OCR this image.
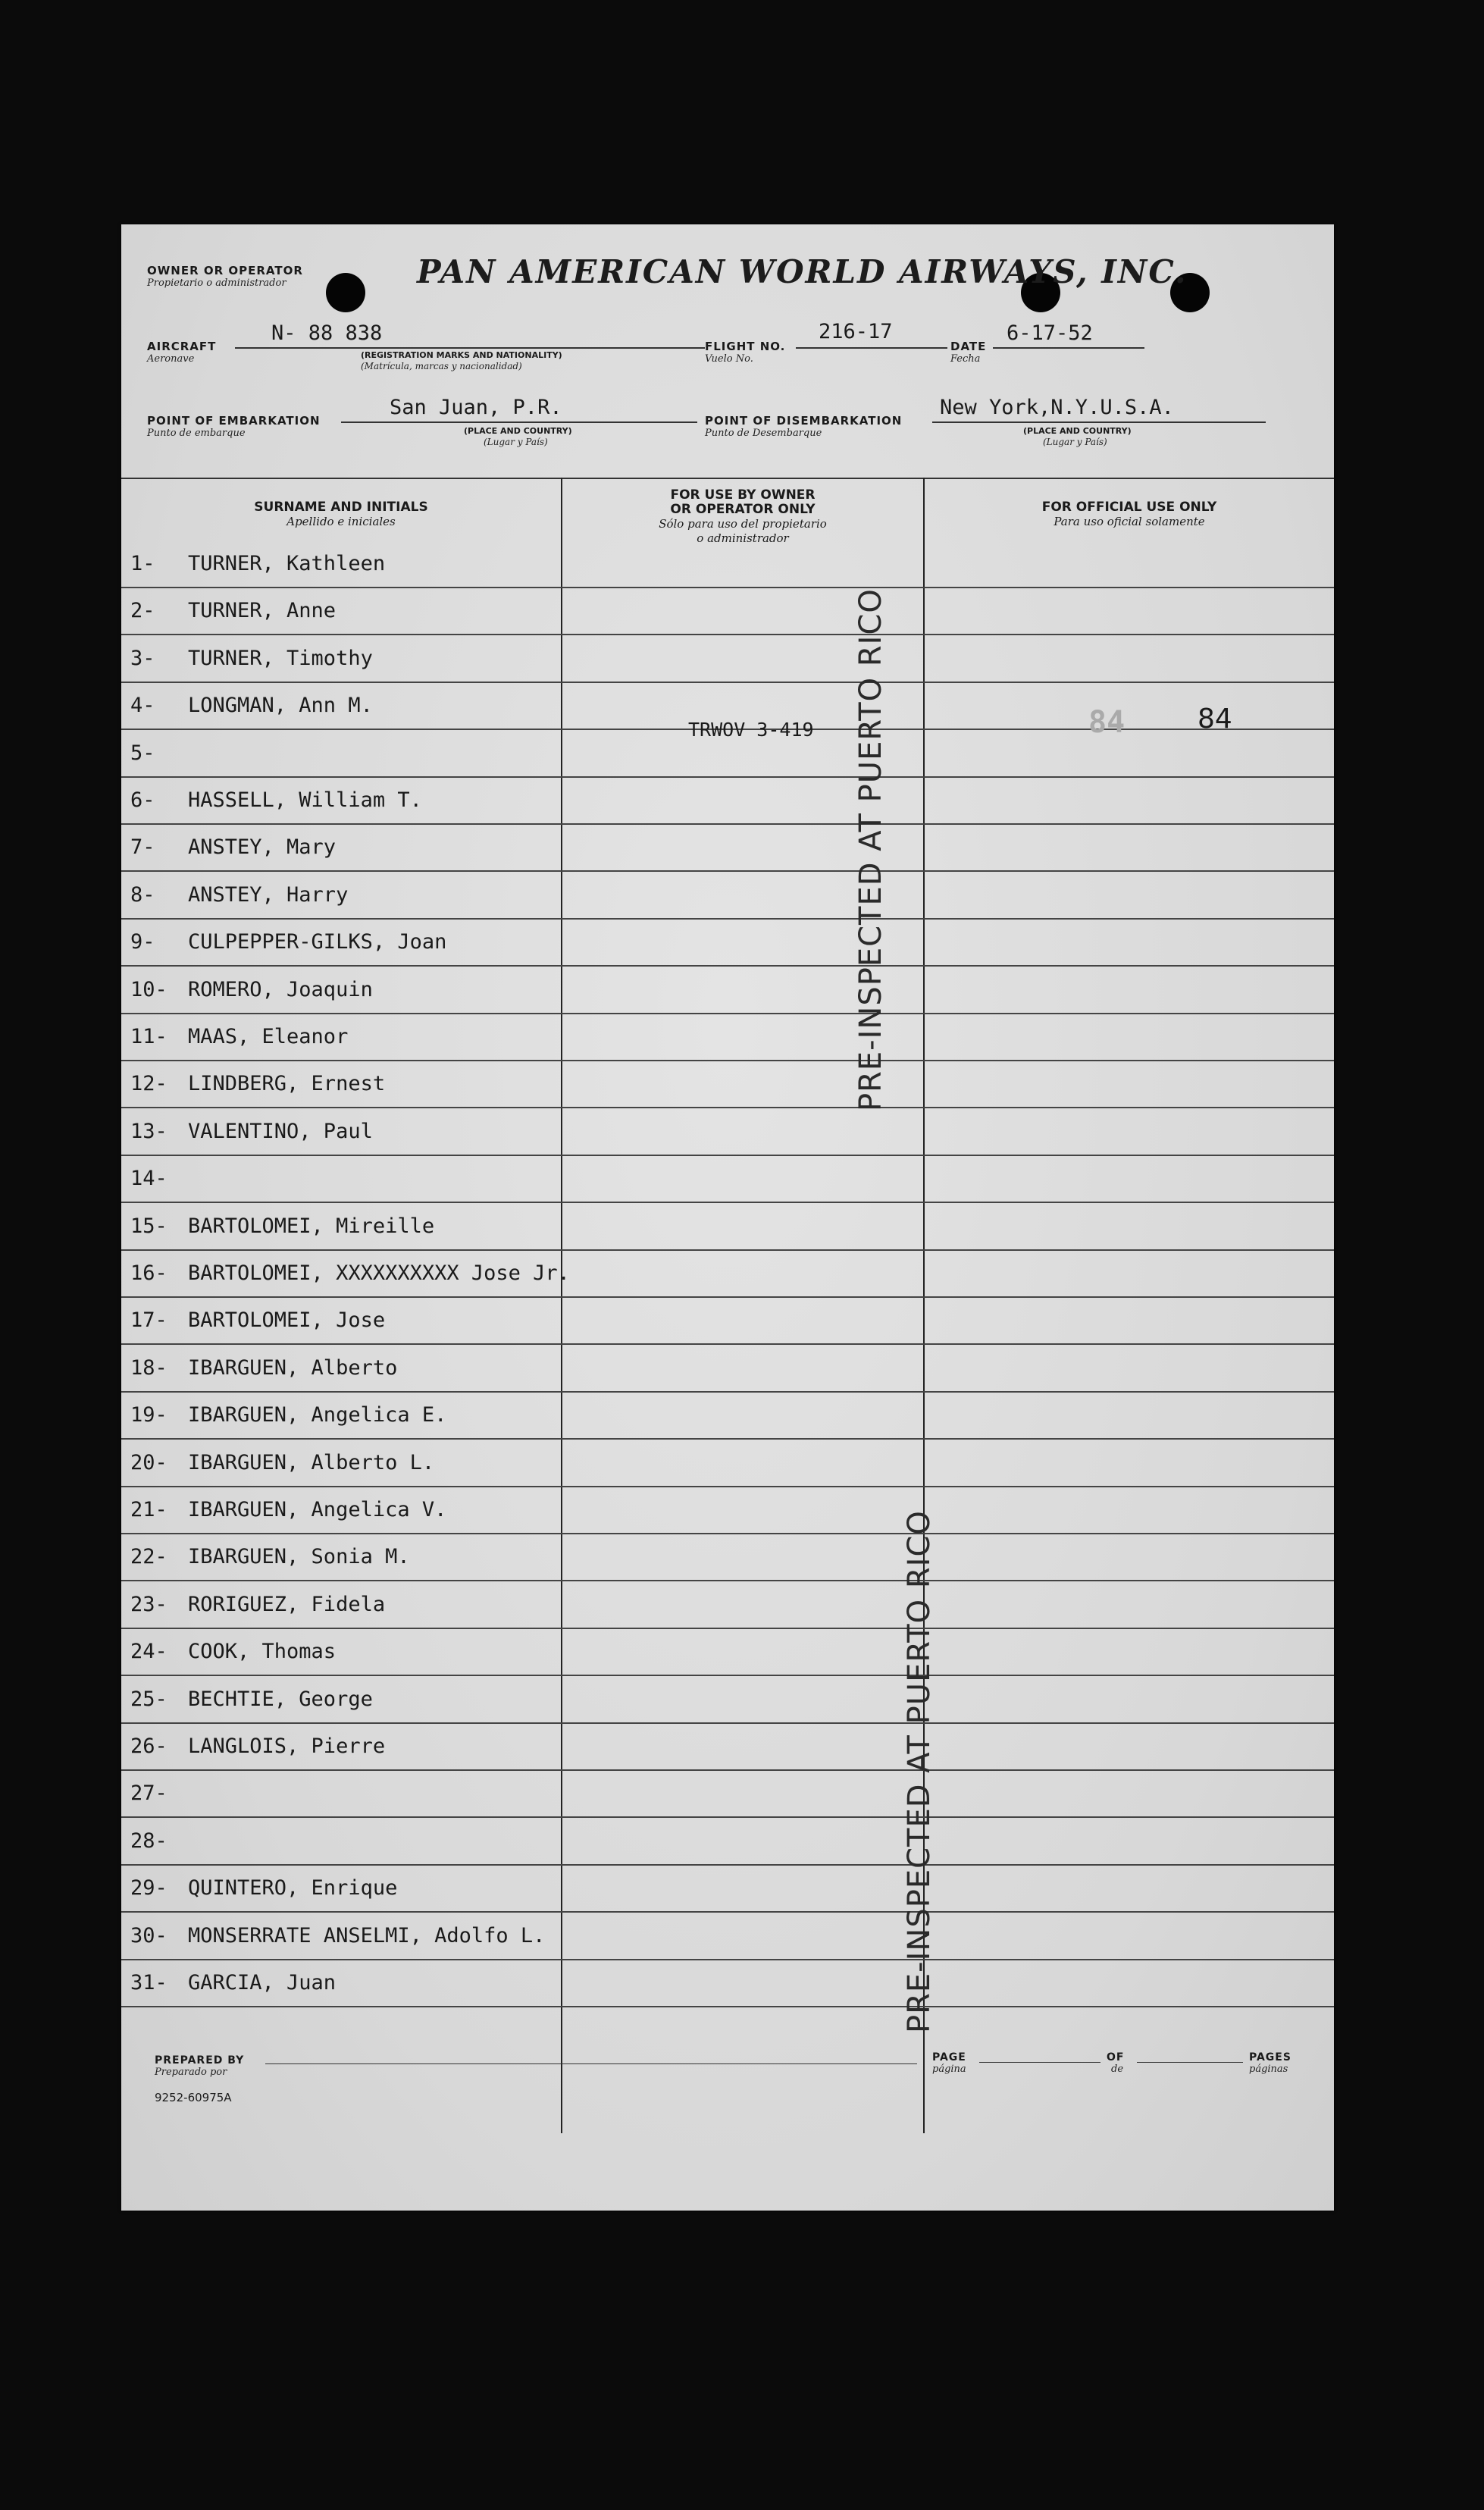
OWNER OR OPERATOR
Propietario o administrador	PAN AMERICAN WORLD AIRWAYS, INC.
AIRCRAFT
Aeronave
N- 88 838
(REGISTRATION MARKS AND NATIONALITY)
(Matrícula, marcas y nacionalidad)
FLIGHT NO.
Vuelo No.
216-17
DATE
Fecha
6-17-52
POINT OF EMBARKATION
Punto de embarque
San Juan, P.R.
(PLACE AND COUNTRY)
(Lugar y País)
POINT OF DISEMBARKATION
Punto de Desembarque
New York,N.Y.U.S.A.
(PLACE AND COUNTRY)
(Lugar y País)
SURNAME AND INITIALS
Apellido e iniciales
FOR USE BY OWNER
OR OPERATOR ONLY
Sólo para uso del propietario
o administrador
FOR OFFICIAL USE ONLY
Para uso oficial solamente
1- TURNER, Kathleen
2- TURNER, Anne
3- TURNER, Timothy
4- LONGMAN, Ann M.
5-
6- HASSELL, William T.
7- ANSTEY, Mary
8- ANSTEY, Harry
9- CULPEPPER-GILKS, Joan
10- ROMERO, Joaquin
11- MAAS, Eleanor
12- LINDBERG, Ernest
13- VALENTINO, Paul
14-
15- BARTOLOMEI, Mireille
16- BARTOLOMEI, XXXXXXXXXX Jose Jr.
17- BARTOLOMEI, Jose
18- IBARGUEN, Alberto
19- IBARGUEN, Angelica E.
20- IBARGUEN, Alberto L.
21- IBARGUEN, Angelica V.
22- IBARGUEN, Sonia M.
23- RORIGUEZ, Fidela
24- COOK, Thomas
25- BECHTIE, George
26- LANGLOIS, Pierre
27-
28-
29- QUINTERO, Enrique
30- MONSERRATE ANSELMI, Adolfo L.
31- GARCIA, Juan
TRWOV 3-419	84	84
PRE-INSPECTED AT PUERTO RICO
PRE-INSPECTED AT PUERTO RICO
PREPARED BY
Preparado por
9252-60975A
PAGE
página
OF
de
PAGES
páginas
